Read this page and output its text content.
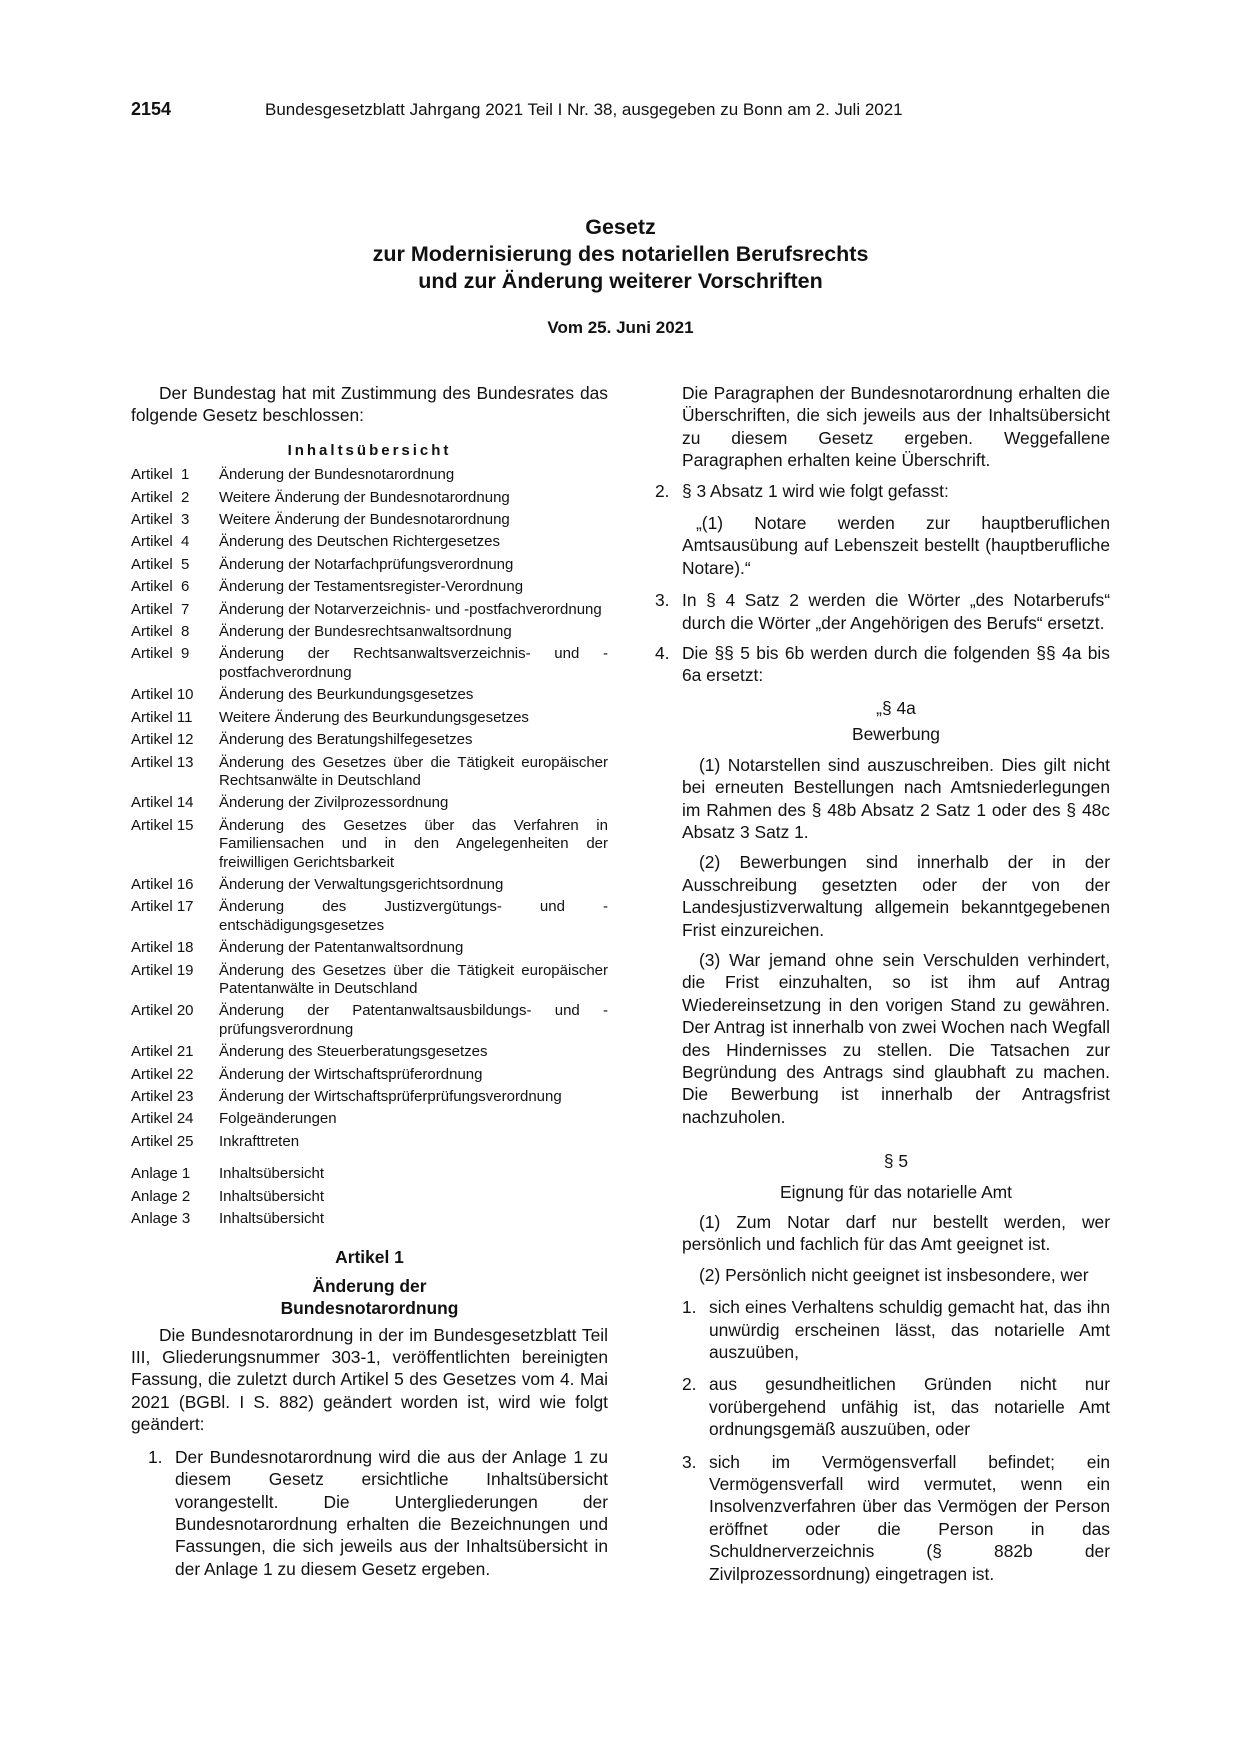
2154	Bundesgesetzblatt Jahrgang 2021 Teil I Nr. 38, ausgegeben zu Bonn am 2. Juli 2021
Gesetz
zur Modernisierung des notariellen Berufsrechts
und zur Änderung weiterer Vorschriften
Vom 25. Juni 2021
Der Bundestag hat mit Zustimmung des Bundesrates das folgende Gesetz beschlossen:
Inhaltsübersicht
Artikel  1	Änderung der Bundesnotarordnung
Artikel  2	Weitere Änderung der Bundesnotarordnung
Artikel  3	Weitere Änderung der Bundesnotarordnung
Artikel  4	Änderung des Deutschen Richtergesetzes
Artikel  5	Änderung der Notarfachprüfungsverordnung
Artikel  6	Änderung der Testamentsregister-Verordnung
Artikel  7	Änderung der Notarverzeichnis- und -postfachverordnung
Artikel  8	Änderung der Bundesrechtsanwaltsordnung
Artikel  9	Änderung der Rechtsanwaltsverzeichnis- und -postfachverordnung
Artikel 10	Änderung des Beurkundungsgesetzes
Artikel 11	Weitere Änderung des Beurkundungsgesetzes
Artikel 12	Änderung des Beratungshilfegesetzes
Artikel 13	Änderung des Gesetzes über die Tätigkeit europäischer Rechtsanwälte in Deutschland
Artikel 14	Änderung der Zivilprozessordnung
Artikel 15	Änderung des Gesetzes über das Verfahren in Familiensachen und in den Angelegenheiten der freiwilligen Gerichtsbarkeit
Artikel 16	Änderung der Verwaltungsgerichtsordnung
Artikel 17	Änderung des Justizvergütungs- und -entschädigungsgesetzes
Artikel 18	Änderung der Patentanwaltsordnung
Artikel 19	Änderung des Gesetzes über die Tätigkeit europäischer Patentanwälte in Deutschland
Artikel 20	Änderung der Patentanwaltsausbildungs- und -prüfungsverordnung
Artikel 21	Änderung des Steuerberatungsgesetzes
Artikel 22	Änderung der Wirtschaftsprüferordnung
Artikel 23	Änderung der Wirtschaftsprüferprüfungsverordnung
Artikel 24	Folgeänderungen
Artikel 25	Inkrafttreten
Anlage 1	Inhaltsübersicht
Anlage 2	Inhaltsübersicht
Anlage 3	Inhaltsübersicht
Artikel 1
Änderung der
Bundesnotarordnung
Die Bundesnotarordnung in der im Bundesgesetzblatt Teil III, Gliederungsnummer 303-1, veröffentlichten bereinigten Fassung, die zuletzt durch Artikel 5 des Gesetzes vom 4. Mai 2021 (BGBl. I S. 882) geändert worden ist, wird wie folgt geändert:
1. Der Bundesnotarordnung wird die aus der Anlage 1 zu diesem Gesetz ersichtliche Inhaltsübersicht vorangestellt. Die Untergliederungen der Bundesnotarordnung erhalten die Bezeichnungen und Fassungen, die sich jeweils aus der Inhaltsübersicht in der Anlage 1 zu diesem Gesetz ergeben.
Die Paragraphen der Bundesnotarordnung erhalten die Überschriften, die sich jeweils aus der Inhaltsübersicht zu diesem Gesetz ergeben. Weggefallene Paragraphen erhalten keine Überschrift.
2. § 3 Absatz 1 wird wie folgt gefasst:
„(1) Notare werden zur hauptberuflichen Amtsausübung auf Lebenszeit bestellt (hauptberufliche Notare).“
3. In § 4 Satz 2 werden die Wörter „des Notarberufs“ durch die Wörter „der Angehörigen des Berufs“ ersetzt.
4. Die §§ 5 bis 6b werden durch die folgenden §§ 4a bis 6a ersetzt:
„§ 4a
Bewerbung
(1) Notarstellen sind auszuschreiben. Dies gilt nicht bei erneuten Bestellungen nach Amtsniederlegungen im Rahmen des § 48b Absatz 2 Satz 1 oder des § 48c Absatz 3 Satz 1.
(2) Bewerbungen sind innerhalb der in der Ausschreibung gesetzten oder der von der Landesjustizverwaltung allgemein bekanntgegebenen Frist einzureichen.
(3) War jemand ohne sein Verschulden verhindert, die Frist einzuhalten, so ist ihm auf Antrag Wiedereinsetzung in den vorigen Stand zu gewähren. Der Antrag ist innerhalb von zwei Wochen nach Wegfall des Hindernisses zu stellen. Die Tatsachen zur Begründung des Antrags sind glaubhaft zu machen. Die Bewerbung ist innerhalb der Antragsfrist nachzuholen.
§ 5
Eignung für das notarielle Amt
(1) Zum Notar darf nur bestellt werden, wer persönlich und fachlich für das Amt geeignet ist.
(2) Persönlich nicht geeignet ist insbesondere, wer
1. sich eines Verhaltens schuldig gemacht hat, das ihn unwürdig erscheinen lässt, das notarielle Amt auszuüben,
2. aus gesundheitlichen Gründen nicht nur vorübergehend unfähig ist, das notarielle Amt ordnungsgemäß auszuüben, oder
3. sich im Vermögensverfall befindet; ein Vermögensverfall wird vermutet, wenn ein Insolvenzverfahren über das Vermögen der Person eröffnet oder die Person in das Schuldnerverzeichnis (§ 882b der Zivilprozessordnung) eingetragen ist.
